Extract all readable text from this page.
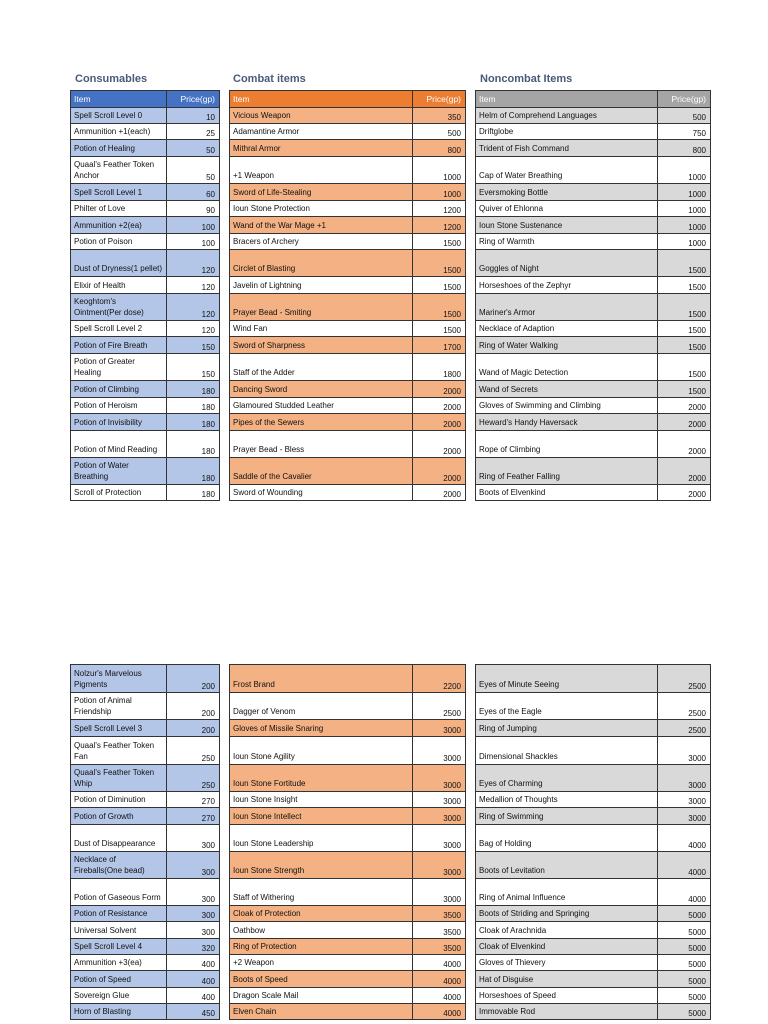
Consumables	Combat items	Noncombat Items
Item	Price(gp)
Spell Scroll Level 0	10
Ammunition +1(each)	25
Potion of Healing	50
Quaal's Feather Token Anchor	50
Spell Scroll Level 1	60
Philter of Love	90
Ammunition +2(ea)	100
Potion of Poison	100
Dust of Dryness(1 pellet)	120
Elixir of Health	120
Keoghtom's Ointment(Per dose)	120
Spell Scroll Level 2	120
Potion of Fire Breath	150
Potion of Greater Healing	150
Potion of Climbing	180
Potion of Heroism	180
Potion of Invisibility	180
Potion of Mind Reading	180
Potion of Water Breathing	180
Scroll of Protection	180
Item	Price(gp)
Vicious Weapon	350
Adamantine Armor	500
Mithral Armor	800
+1 Weapon	1000
Sword of Life-Stealing	1000
Ioun Stone Protection	1200
Wand of the War Mage +1	1200
Bracers of Archery	1500
Circlet of Blasting	1500
Javelin of Lightning	1500
Prayer Bead - Smiting	1500
Wind Fan	1500
Sword of Sharpness	1700
Staff of the Adder	1800
Dancing Sword	2000
Glamoured Studded Leather	2000
Pipes of the Sewers	2000
Prayer Bead - Bless	2000
Saddle of the Cavalier	2000
Sword of Wounding	2000
Item	Price(gp)
Helm of Comprehend Languages	500
Driftglobe	750
Trident of Fish Command	800
Cap of Water Breathing	1000
Eversmoking Bottle	1000
Quiver of Ehlonna	1000
Ioun Stone Sustenance	1000
Ring of Warmth	1000
Goggles of Night	1500
Horseshoes of the Zephyr	1500
Mariner's Armor	1500
Necklace of Adaption	1500
Ring of Water Walking	1500
Wand of Magic Detection	1500
Wand of Secrets	1500
Gloves of Swimming and Climbing	2000
Heward's Handy Haversack	2000
Rope of Climbing	2000
Ring of Feather Falling	2000
Boots of Elvenkind	2000
Nolzur's Marvelous Pigments	200
Potion of Animal Friendship	200
Spell Scroll Level 3	200
Quaal's Feather Token Fan	250
Quaal's Feather Token Whip	250
Potion of Diminution	270
Potion of Growth	270
Dust of Disappearance	300
Necklace of Fireballs(One bead)	300
Potion of Gaseous Form	300
Potion of Resistance	300
Universal Solvent	300
Spell Scroll Level 4	320
Ammunition +3(ea)	400
Potion of Speed	400
Sovereign Glue	400
Horn of Blasting	450
Frost Brand	2200
Dagger of Venom	2500
Gloves of Missile Snaring	3000
Ioun Stone Agility	3000
Ioun Stone Fortitude	3000
Ioun Stone Insight	3000
Ioun Stone Intellect	3000
Ioun Stone Leadership	3000
Ioun Stone Strength	3000
Staff of Withering	3000
Cloak of Protection	3500
Oathbow	3500
Ring of Protection	3500
+2 Weapon	4000
Boots of Speed	4000
Dragon Scale Mail	4000
Elven Chain	4000
Eyes of Minute Seeing	2500
Eyes of the Eagle	2500
Ring of Jumping	2500
Dimensional Shackles	3000
Eyes of Charming	3000
Medallion of Thoughts	3000
Ring of Swimming	3000
Bag of Holding	4000
Boots of Levitation	4000
Ring of Animal Influence	4000
Boots of Striding and Springing	5000
Cloak of Arachnida	5000
Cloak of Elvenkind	5000
Gloves of Thievery	5000
Hat of Disguise	5000
Horseshoes of Speed	5000
Immovable Rod	5000
